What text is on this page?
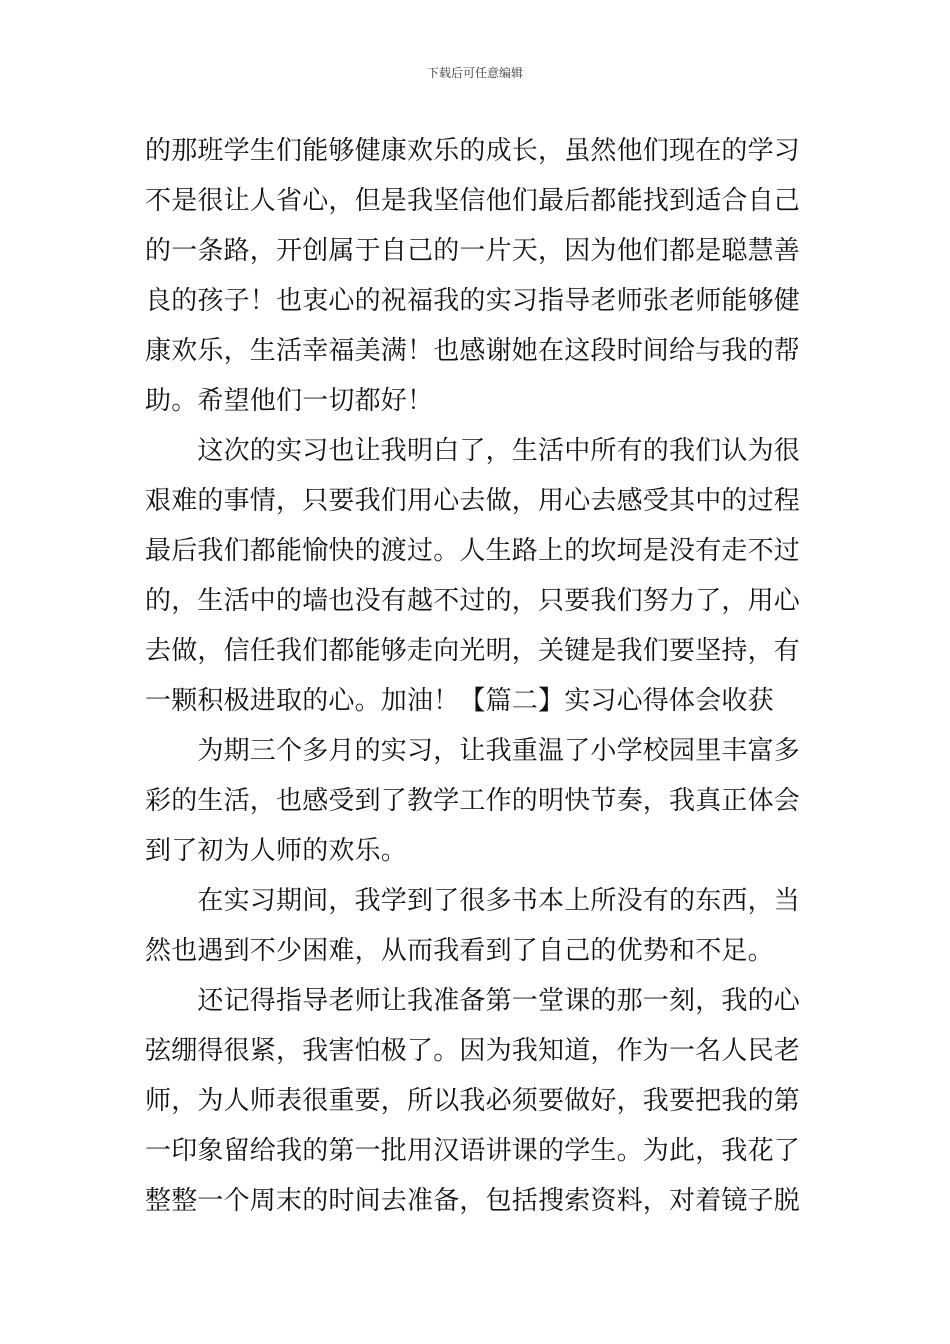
下载后可任意编辑
的那班学生们能够健康欢乐的成长，虽然他们现在的学习
不是很让人省心，但是我坚信他们最后都能找到适合自己
的一条路，开创属于自己的一片天，因为他们都是聪慧善
良的孩子！也衷心的祝福我的实习指导老师张老师能够健
康欢乐，生活幸福美满！也感谢她在这段时间给与我的帮
助。希望他们一切都好！
　　这次的实习也让我明白了，生活中所有的我们认为很
艰难的事情，只要我们用心去做，用心去感受其中的过程
最后我们都能愉快的渡过。人生路上的坎坷是没有走不过
的，生活中的墙也没有越不过的，只要我们努力了，用心
去做，信任我们都能够走向光明，关键是我们要坚持，有
一颗积极进取的心。加油！【篇二】实习心得体会收获
　　为期三个多月的实习，让我重温了小学校园里丰富多
彩的生活，也感受到了教学工作的明快节奏，我真正体会
到了初为人师的欢乐。
　　在实习期间，我学到了很多书本上所没有的东西，当
然也遇到不少困难，从而我看到了自己的优势和不足。
　　还记得指导老师让我准备第一堂课的那一刻，我的心
弦绷得很紧，我害怕极了。因为我知道，作为一名人民老
师，为人师表很重要，所以我必须要做好，我要把我的第
一印象留给我的第一批用汉语讲课的学生。为此，我花了
整整一个周末的时间去准备，包括搜索资料，对着镜子脱
